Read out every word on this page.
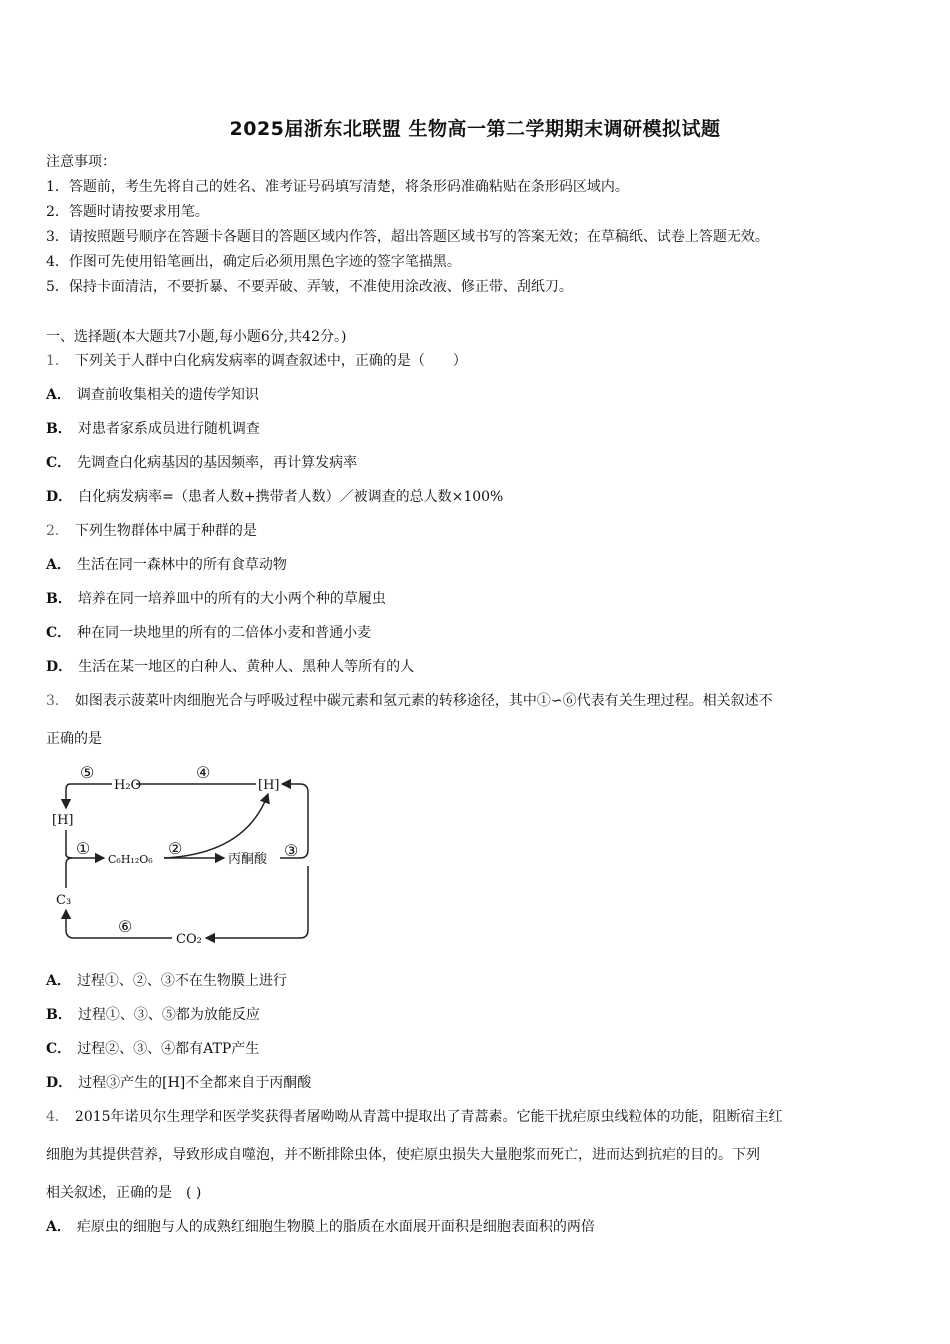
2025届浙东北联盟 生物高一第二学期期末调研模拟试题
注意事项：
1．答题前，考生先将自己的姓名、准考证号码填写清楚，将条形码准确粘贴在条形码区域内。
2．答题时请按要求用笔。
3．请按照题号顺序在答题卡各题目的答题区域内作答，超出答题区域书写的答案无效；在草稿纸、试卷上答题无效。
4．作图可先使用铅笔画出，确定后必须用黑色字迹的签字笔描黑。
5．保持卡面清洁，不要折暴、不要弄破、弄皱，不准使用涂改液、修正带、刮纸刀。
一、选择题(本大题共7小题,每小题6分,共42分。)
1． 下列关于人群中白化病发病率的调查叙述中，正确的是（　　）
A． 调查前收集相关的遗传学知识
B． 对患者家系成员进行随机调查
C． 先调查白化病基因的基因频率，再计算发病率
D． 白化病发病率=（患者人数+携带者人数）／被调查的总人数×100%
2． 下列生物群体中属于种群的是
A． 生活在同一森林中的所有食草动物
B． 培养在同一培养皿中的所有的大小两个种的草履虫
C． 种在同一块地里的所有的二倍体小麦和普通小麦
D． 生活在某一地区的白种人、黄种人、黑种人等所有的人
3． 如图表示菠菜叶肉细胞光合与呼吸过程中碳元素和氢元素的转移途径，其中①∽⑥代表有关生理过程。相关叙述不
正确的是
⑤	④
H₂O	[H]
[H]
①
C₆H₁₂O₆
②
丙酮酸 ③
C₃
⑥
CO₂
A． 过程①、②、③不在生物膜上进行
B． 过程①、③、⑤都为放能反应
C． 过程②、③、④都有ATP产生
D． 过程③产生的[H]不全都来自于丙酮酸
4． 2015年诺贝尔生理学和医学奖获得者屠呦呦从青蒿中提取出了青蒿素。它能干扰疟原虫线粒体的功能，阻断宿主红
细胞为其提供营养，导致形成自噬泡，并不断排除虫体，使疟原虫损失大量胞浆而死亡，进而达到抗疟的目的。下列
相关叙述，正确的是　( )
A． 疟原虫的细胞与人的成熟红细胞生物膜上的脂质在水面展开面积是细胞表面积的两倍
